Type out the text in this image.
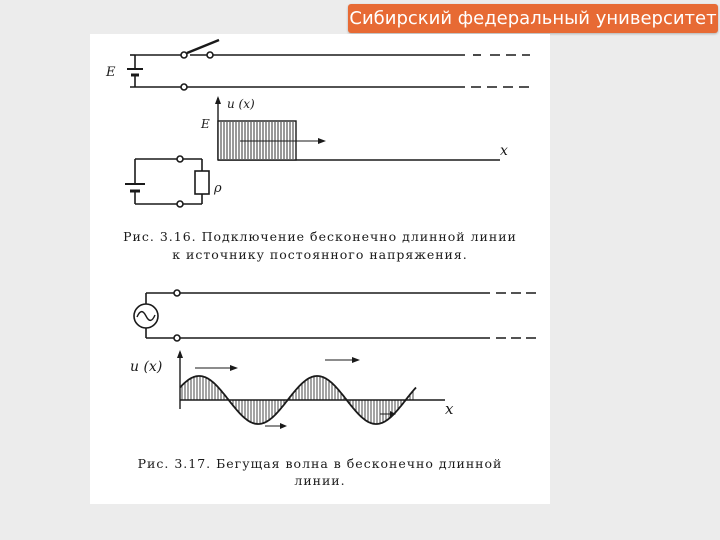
Сибирский федеральный университет
E
u (x)
E
x
ρ
u (x)
x
Рис. 3.16. Подключение бесконечно длинной линии
к источнику постоянного напряжения.
Рис. 3.17. Бегущая волна в бесконечно длинной
линии.
